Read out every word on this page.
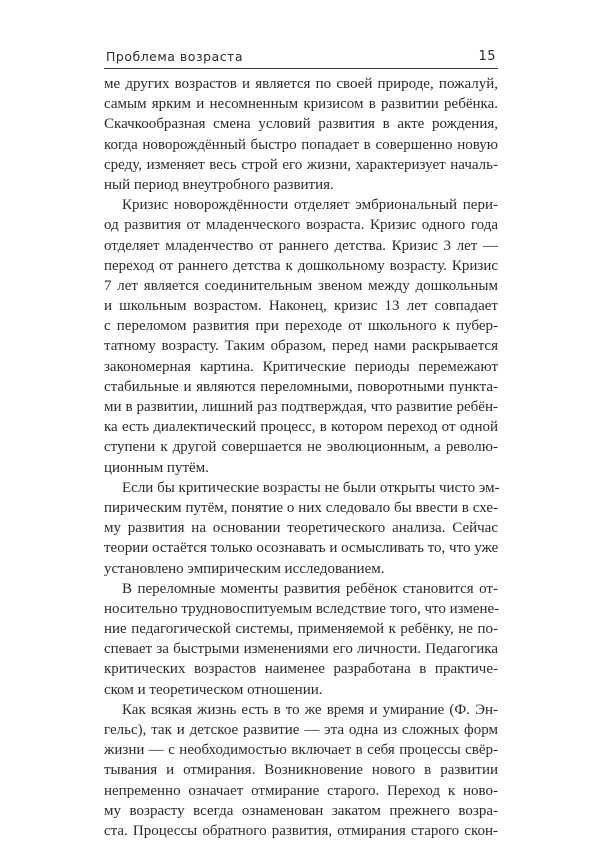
Проблема возраста	15
ме других возрастов и является по своей природе, пожалуй,
самым ярким и несомненным кризисом в развитии ребёнка.
Скачкообразная смена условий развития в акте рождения,
когда новорождённый быстро попадает в совершенно новую
среду, изменяет весь строй его жизни, характеризует началь-
ный период внеутробного развития.
Кризис новорождённости отделяет эмбриональный пери-
од развития от младенческого возраста. Кризис одного года
отделяет младенчество от раннего детства. Кризис 3 лет —
переход от раннего детства к дошкольному возрасту. Кризис
7 лет является соединительным звеном между дошкольным
и школьным возрастом. Наконец, кризис 13 лет совпадает
с переломом развития при переходе от школьного к пубер-
татному возрасту. Таким образом, перед нами раскрывается
закономерная картина. Критические периоды перемежают
стабильные и являются переломными, поворотными пункта-
ми в развитии, лишний раз подтверждая, что развитие ребён-
ка есть диалектический процесс, в котором переход от одной
ступени к другой совершается не эволюционным, а револю-
ционным путём.
Если бы критические возрасты не были открыты чисто эм-
пирическим путём, понятие о них следовало бы ввести в схе-
му развития на основании теоретического анализа. Сейчас
теории остаётся только осознавать и осмысливать то, что уже
установлено эмпирическим исследованием.
В переломные моменты развития ребёнок становится от-
носительно трудновоспитуемым вследствие того, что измене-
ние педагогической системы, применяемой к ребёнку, не по-
спевает за быстрыми изменениями его личности. Педагогика
критических возрастов наименее разработана в практиче-
ском и теоретическом отношении.
Как всякая жизнь есть в то же время и умирание (Ф. Эн-
гельс), так и детское развитие — эта одна из сложных форм
жизни — с необходимостью включает в себя процессы свёр-
тывания и отмирания. Возникновение нового в развитии
непременно означает отмирание старого. Переход к ново-
му возрасту всегда ознаменован закатом прежнего возра-
ста. Процессы обратного развития, отмирания старого скон-
